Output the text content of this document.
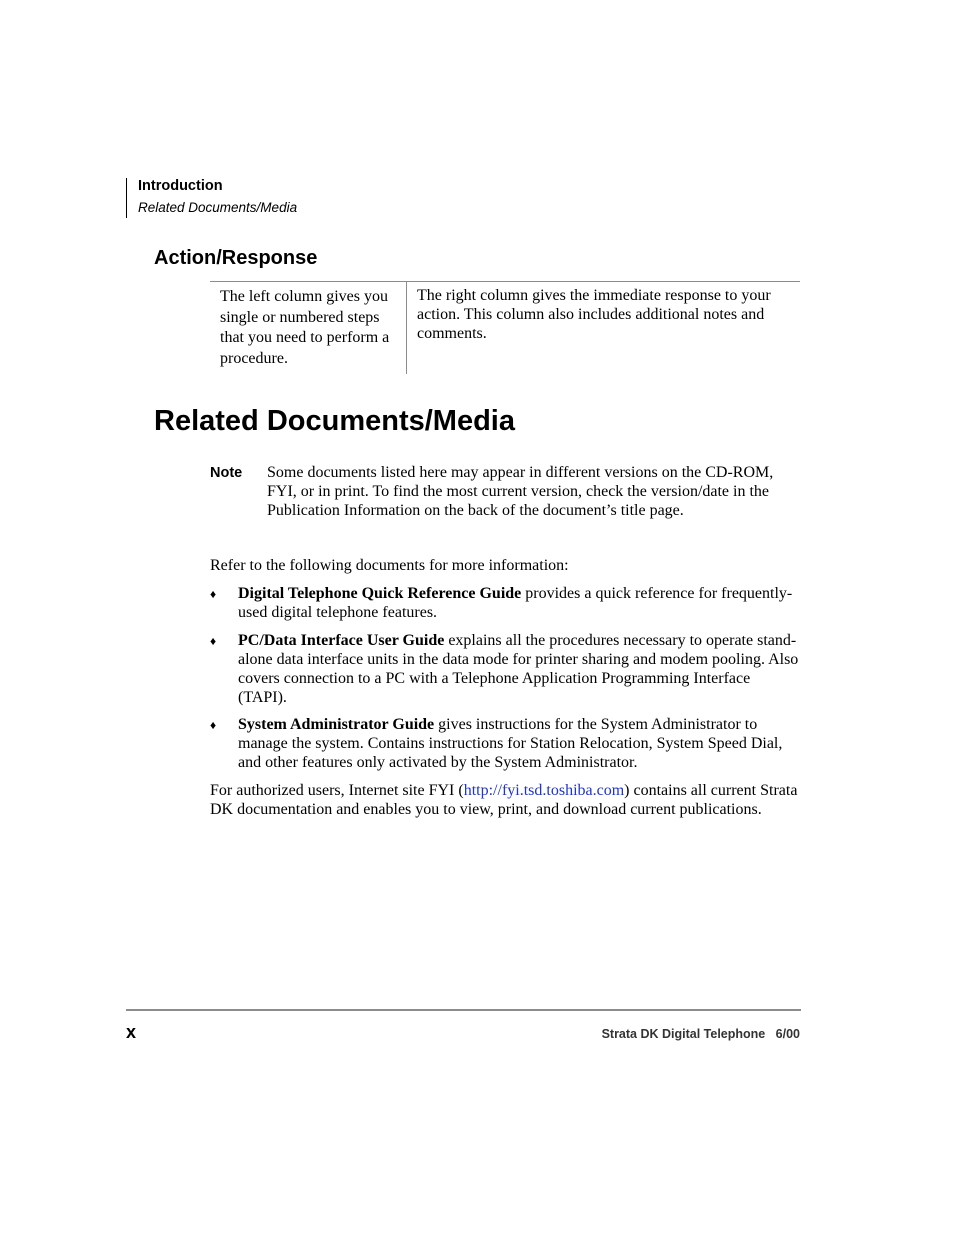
Introduction
Related Documents/Media
Action/Response
The left column gives you single or numbered steps that you need to perform a procedure.
The right column gives the immediate response to your action. This column also includes additional notes and comments.
Related Documents/Media
Note Some documents listed here may appear in different versions on the CD-ROM, FYI, or in print. To find the most current version, check the version/date in the Publication Information on the back of the document’s title page.
Refer to the following documents for more information:
♦ Digital Telephone Quick Reference Guide provides a quick reference for frequently-used digital telephone features.
♦ PC/Data Interface User Guide explains all the procedures necessary to operate stand-alone data interface units in the data mode for printer sharing and modem pooling. Also covers connection to a PC with a Telephone Application Programming Interface (TAPI).
♦ System Administrator Guide gives instructions for the System Administrator to manage the system. Contains instructions for Station Relocation, System Speed Dial, and other features only activated by the System Administrator.
For authorized users, Internet site FYI (http://fyi.tsd.toshiba.com) contains all current Strata DK documentation and enables you to view, print, and download current publications.
x	Strata DK Digital Telephone   6/00
